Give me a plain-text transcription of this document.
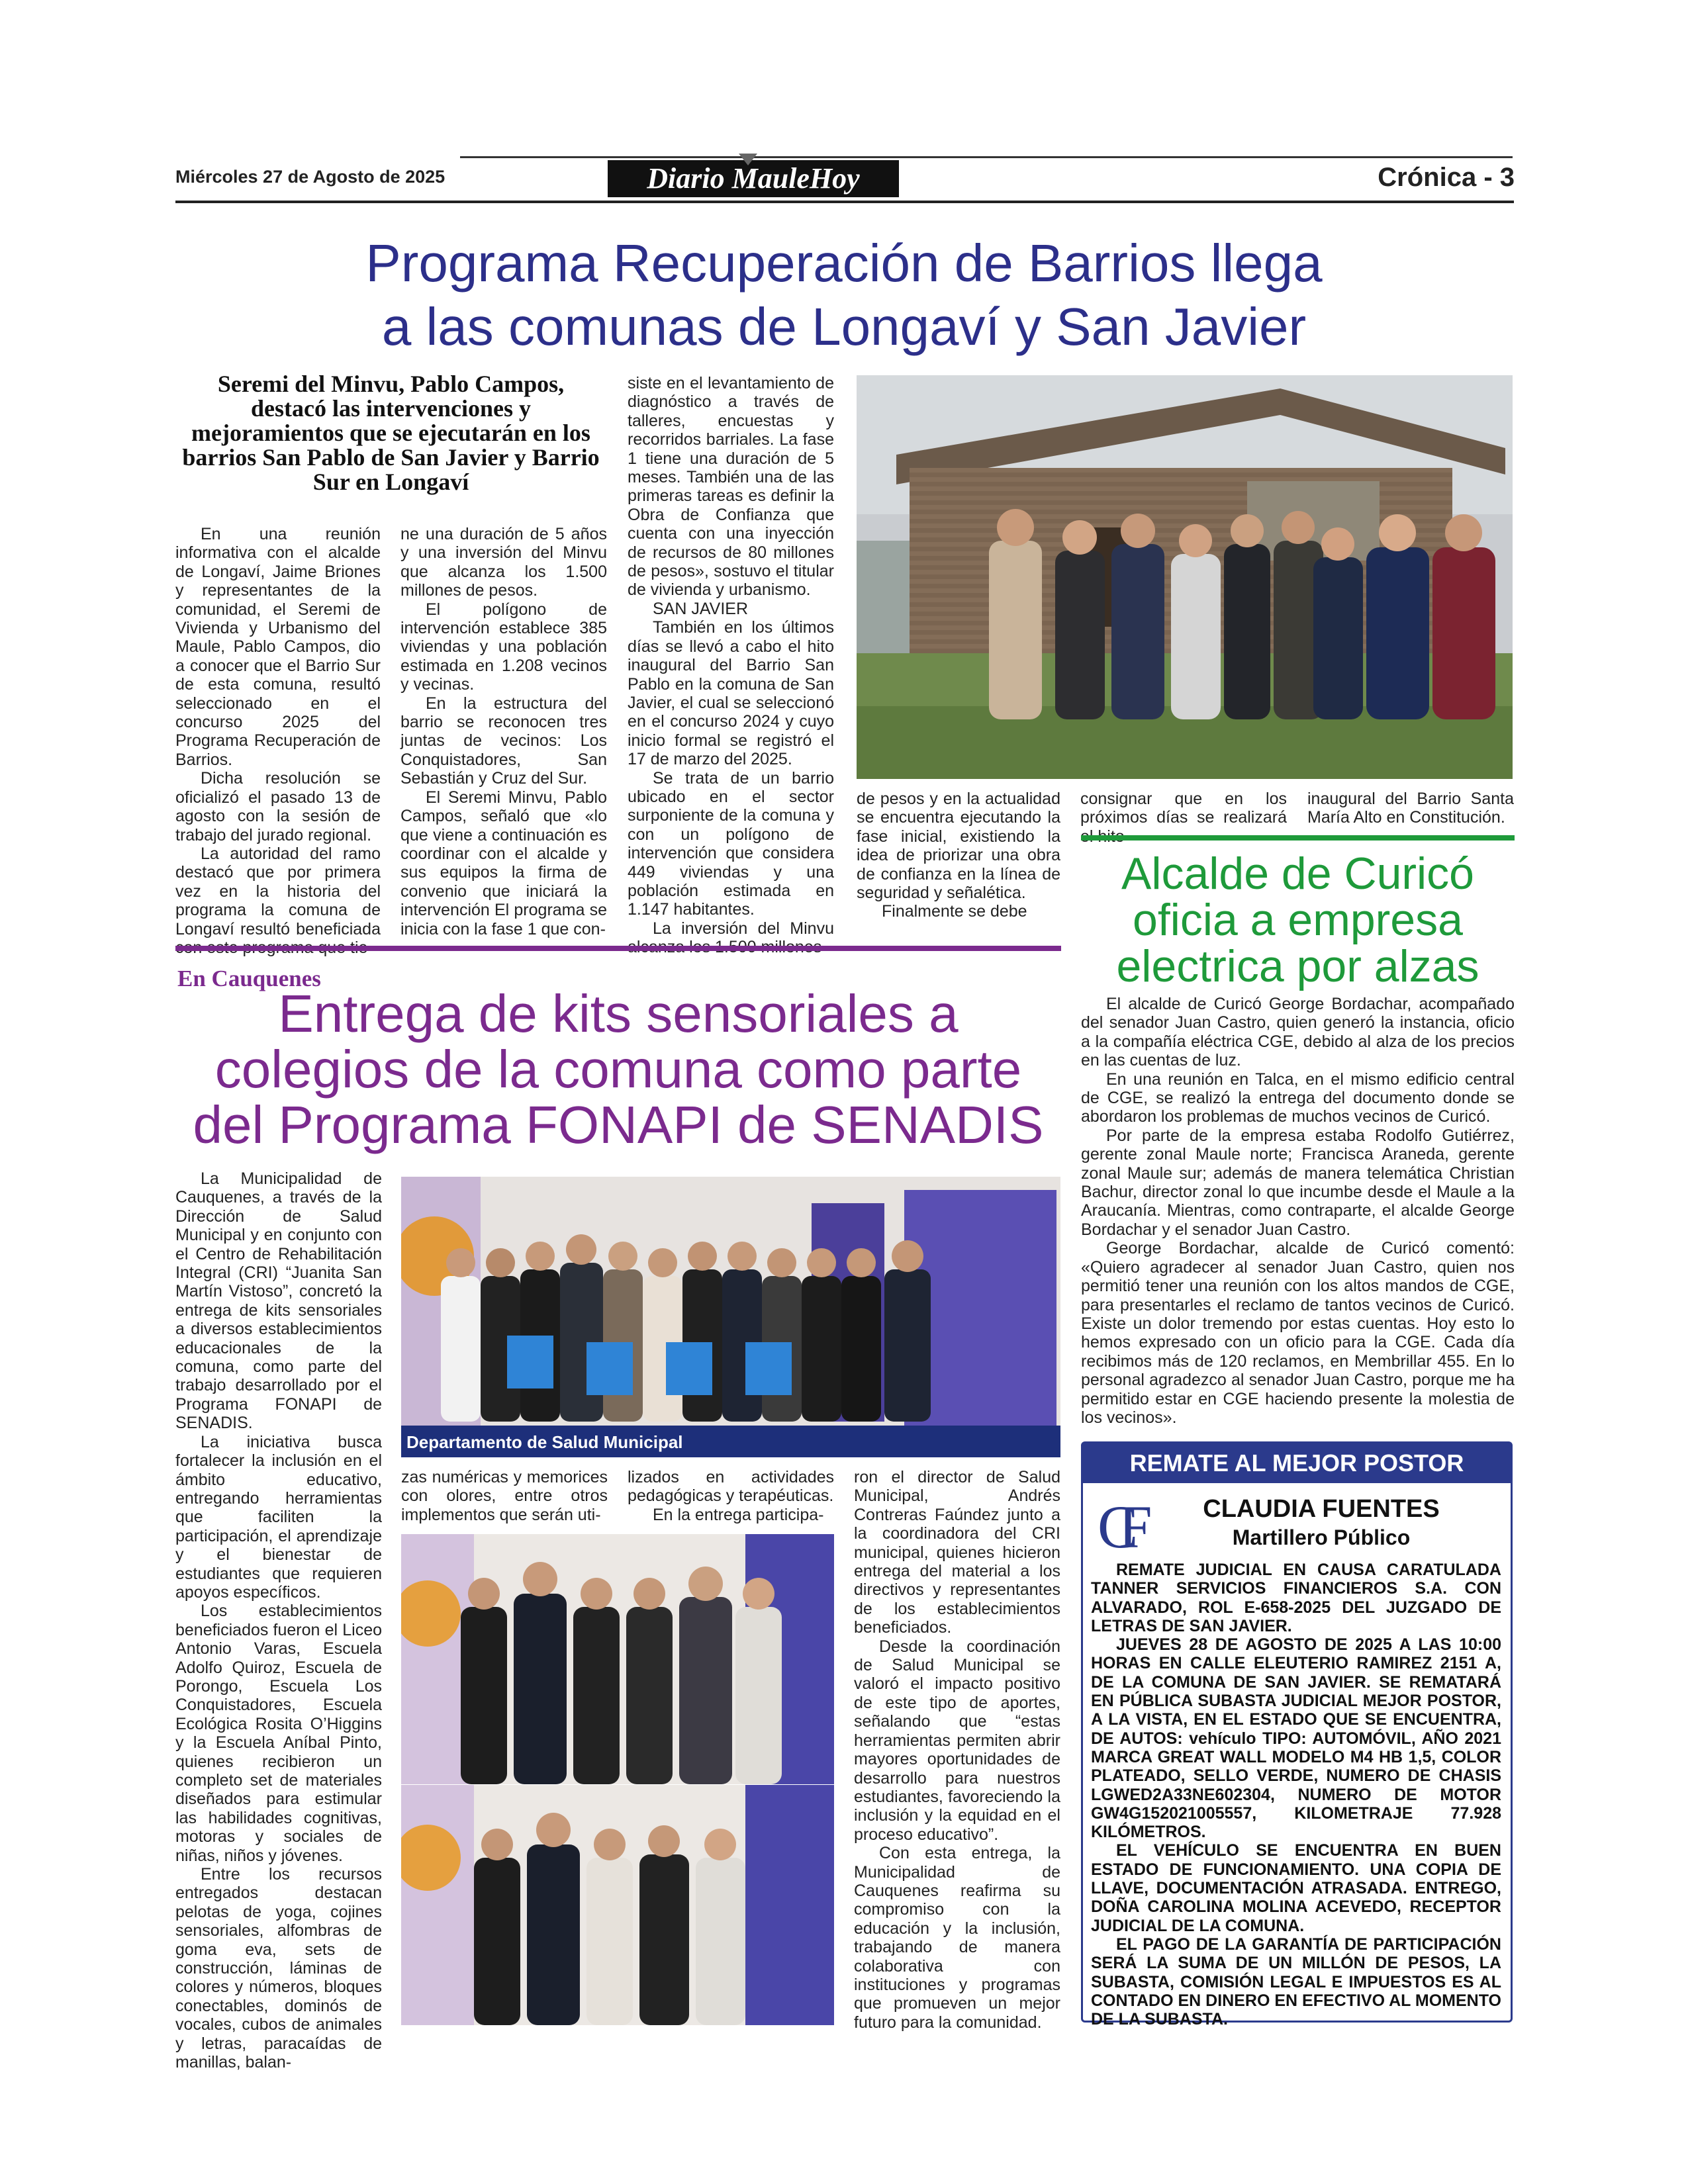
Miércoles 27 de Agosto de 2025	Diario MauleHoy	Crónica - 3
Programa Recuperación de Barrios llega
a las comunas de Longaví y San Javier
Seremi del Minvu, Pablo Campos, destacó las intervenciones y mejoramientos que se ejecutarán en los barrios San Pablo de San Javier y Barrio Sur en Longaví

En una reunión informativa con el alcalde de Longaví, Jaime Briones y representantes de la comunidad, el Seremi de Vivienda y Urbanismo del Maule, Pablo Campos, dio a conocer que el Barrio Sur de esta comuna, resultó seleccionado en el concurso 2025 del Programa Recuperación de Barrios.

Dicha resolución se oficializó el pasado 13 de agosto con la sesión de trabajo del jurado regional.

La autoridad del ramo destacó que por primera vez en la historia del programa la comuna de Longaví resultó beneficiada

ne una duración de 5 años y una inversión del Minvu que alcanza los 1.500 millones de pesos.

El polígono de intervención establece 385 viviendas y una población estimada en 1.208 vecinos y vecinas.

En la estructura del barrio se reconocen tres juntas de vecinos: Los Conquistadores, San Sebastián y Cruz del Sur.

El Seremi Minvu, Pablo Campos, señaló que «lo que viene a continuación es coordinar con el alcalde y sus equipos la firma de convenio que iniciará la intervención El programa se inicia con la fase 1 que con-

siste en el levantamiento de diagnóstico a través de talleres, encuestas y recorridos barriales. La fase 1 tiene una duración de 5 meses. También una de las primeras tareas es definir la Obra de Confianza que cuenta con una inyección de recursos de 80 millones de pesos», sostuvo el titular de vivienda y urbanismo.

SAN JAVIER

También en los últimos días se llevó a cabo el hito inaugural del Barrio San Pablo en la comuna de San Javier, el cual se seleccionó en el concurso 2024 y cuyo inicio formal se registró el 17 de marzo del 2025.

Se trata de un barrio ubicado en el sector surponiente de la comuna y con un polígono de intervención que considera 449 viviendas y una población estimada en 1.147 habitantes.

La inversión del Minvu

de pesos y en la actualidad se encuentra ejecutando la fase inicial, existiendo la idea de priorizar una obra de confianza en la línea de seguridad y señalética.

Finalmente se debe

consignar que en los próximos días se realizará

inaugural del Barrio Santa María Alto en Constitución.

Alcalde de Curicó
oficia a empresa
electrica por alzas

El alcalde de Curicó George Bordachar, acompañado del senador Juan Castro, quien generó la instancia, oficio a la compañía eléctrica CGE, debido al alza de los precios en las cuentas de luz.

En una reunión en Talca, en el mismo edificio central de CGE, se realizó la entrega del documento donde se abordaron los problemas de muchos vecinos de Curicó.

Por parte de la empresa estaba Rodolfo Gutiérrez, gerente zonal Maule norte; Francisca Araneda, gerente zonal Maule sur; además de manera telemática Christian Bachur, director zonal lo que incumbe desde el Maule a la Araucanía. Mientras, como contraparte, el alcalde George Bordachar y el senador Juan Castro.

George Bordachar, alcalde de Curicó comentó: «Quiero agradecer al senador Juan Castro, quien nos permitió tener una reunión con los altos mandos de CGE, para presentarles el reclamo de tantos vecinos de Curicó. Existe un dolor tremendo por estas cuentas. Hoy esto lo hemos expresado con un oficio para la CGE. Cada día recibimos más de 120 reclamos, en Membrillar 455. En lo personal agradezco al senador Juan Castro, porque me ha permitido estar en CGE haciendo presente la molestia de los vecinos».

En Cauquenes
Entrega de kits sensoriales a
colegios de la comuna como parte
del Programa FONAPI de SENADIS

La Municipalidad de Cauquenes, a través de la Dirección de Salud Municipal y en conjunto con el Centro de Rehabilitación Integral (CRI) “Juanita San Martín Vistoso”, concretó la entrega de kits sensoriales a diversos establecimientos educacionales de la comuna, como parte del trabajo desarrollado por el Programa FONAPI de SENADIS.

La iniciativa busca fortalecer la inclusión en el ámbito educativo, entregando herramientas que faciliten la participación, el aprendizaje y el bienestar de estudiantes que requieren apoyos específicos.

Los establecimientos beneficiados fueron el Liceo Antonio Varas, Escuela Adolfo Quiroz, Escuela de Porongo, Escuela Los Conquistadores, Escuela Ecológica Rosita O’Higgins y la Escuela Aníbal Pinto, quienes recibieron un completo set de materiales diseñados para estimular las habilidades cognitivas, motoras y sociales de niñas, niños y jóvenes.

Entre los recursos entregados destacan pelotas de yoga, cojines sensoriales, alfombras de goma eva, sets de construcción, láminas de colores y números, bloques conectables, dominós de vocales, cubos de animales y letras, paracaídas de manillas, balan-

Departamento de Salud Municipal

zas numéricas y memorices con olores, entre otros implementos que serán uti-

lizados en actividades pedagógicas y terapéuticas.

En la entrega participa-

ron el director de Salud Municipal, Andrés Contreras Faúndez junto a la coordinadora del CRI municipal, quienes hicieron entrega del material a los directivos y representantes de los establecimientos beneficiados.

Desde la coordinación de Salud Municipal se valoró el impacto positivo de este tipo de aportes, señalando que “estas herramientas permiten abrir mayores oportunidades de desarrollo para nuestros estudiantes, favoreciendo la inclusión y la equidad en el proceso educativo”.

Con esta entrega, la Municipalidad de Cauquenes reafirma su compromiso con la educación y la inclusión, trabajando de manera colaborativa con instituciones y programas que promueven un mejor futuro para la comunidad.

REMATE AL MEJOR POSTOR
CF	CLAUDIA FUENTES
Martillero Público

REMATE JUDICIAL EN CAUSA CARATULADA TANNER SERVICIOS FINANCIEROS S.A. CON ALVARADO, ROL E-658-2025 DEL JUZGADO DE LETRAS DE SAN JAVIER.

JUEVES 28 DE AGOSTO DE 2025 A LAS 10:00 HORAS EN CALLE ELEUTERIO RAMIREZ 2151 A, DE LA COMUNA DE SAN JAVIER. SE REMATARÁ EN PÚBLICA SUBASTA JUDICIAL MEJOR POSTOR, A LA VISTA, EN EL ESTADO QUE SE ENCUENTRA, DE AUTOS: vehículo TIPO: AUTOMÓVIL, AÑO 2021 MARCA GREAT WALL MODELO M4 HB 1,5, COLOR PLATEADO, SELLO VERDE, NUMERO DE CHASIS LGWED2A33NE602304, NUMERO DE MOTOR GW4G152021005557, KILOMETRAJE 77.928 KILÓMETROS.

EL VEHÍCULO SE ENCUENTRA EN BUEN ESTADO DE FUNCIONAMIENTO. UNA COPIA DE LLAVE, DOCUMENTACIÓN ATRASADA. ENTREGO, DOÑA CAROLINA MOLINA ACEVEDO, RECEPTOR JUDICIAL DE LA COMUNA.

EL PAGO DE LA GARANTÍA DE PARTICIPACIÓN SERÁ LA SUMA DE UN MILLÓN DE PESOS, LA SUBASTA, COMISIÓN LEGAL E IMPUESTOS ES AL CONTADO EN DINERO EN EFECTIVO AL MOMENTO DE LA SUBASTA.
